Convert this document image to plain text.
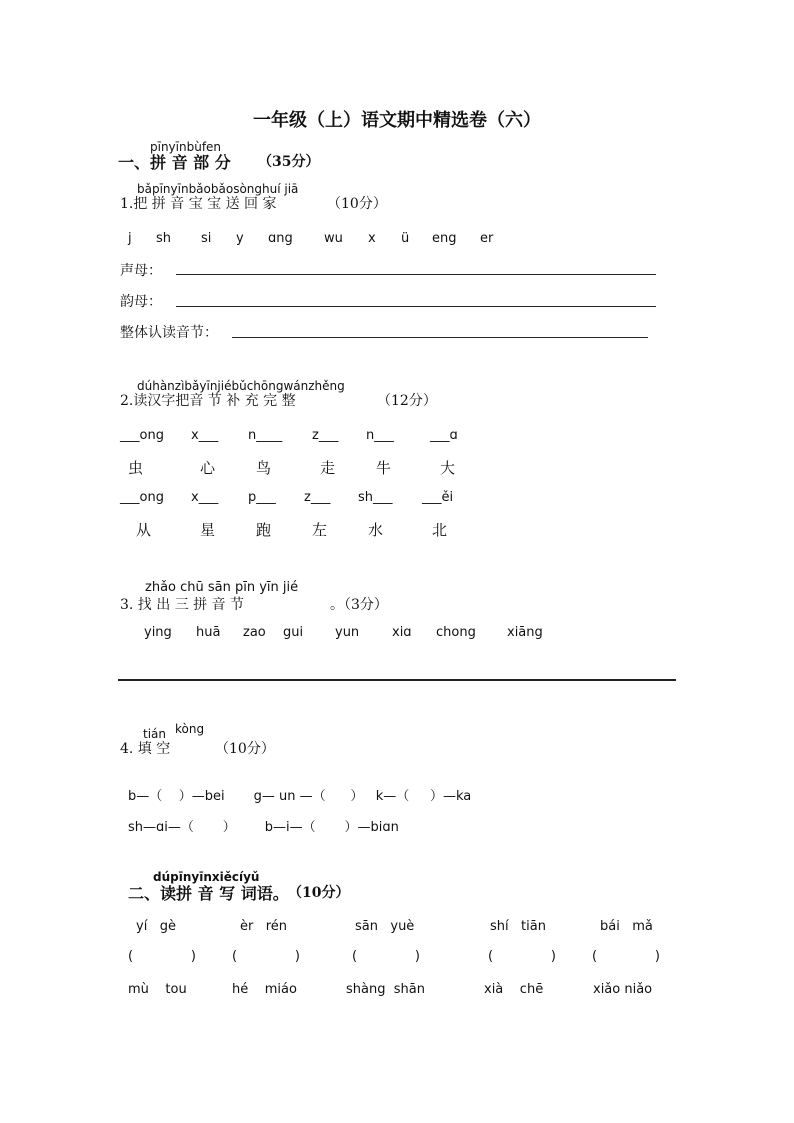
一年级（上）语文期中精选卷（六）
pīnyīnbùfen
一、拼 音 部 分 （35分）
bǎpīnyīnbǎobǎosònghuí jiā
1.把 拼 音 宝 宝 送 回 家	（10分）
j sh si y ɑng wu x ü eng er
声母：
韵母：
整体认读音节：
dúhànzìbǎyīnjiébǔchōngwánzhěng
2.读汉字把音 节 补 充 完 整	（12分）
___ong x___ n____ z___ n___	___ɑ
虫	心	鸟	走	牛	大
___ong x___ p___ z___ sh___ ___ěi
从	星	跑	左	水	北
zhǎo chū sān pīn yīn jié
3. 找 出 三 拼 音 节	。（3分）
ying huā zao gui yun	xiɑ chong xiāng
tián kòng
4. 填 空	（10分）
b—（    ）—bei       g— un —（      ）   k—（     ）—ka
sh—ɑi—（       ）       b—i—（       ）—biɑn
dúpīnyīnxiěcíyǔ
二、读拼 音 写 词语。 （10分）
yí   gè	èr   rén	sān   yuè	shí   tiān	bái   mǎ
(              )	(              )	(              )	(              )	(              )
mù    tou	hé    miáo	shàng  shān	xià    chē	xiǎo niǎo
